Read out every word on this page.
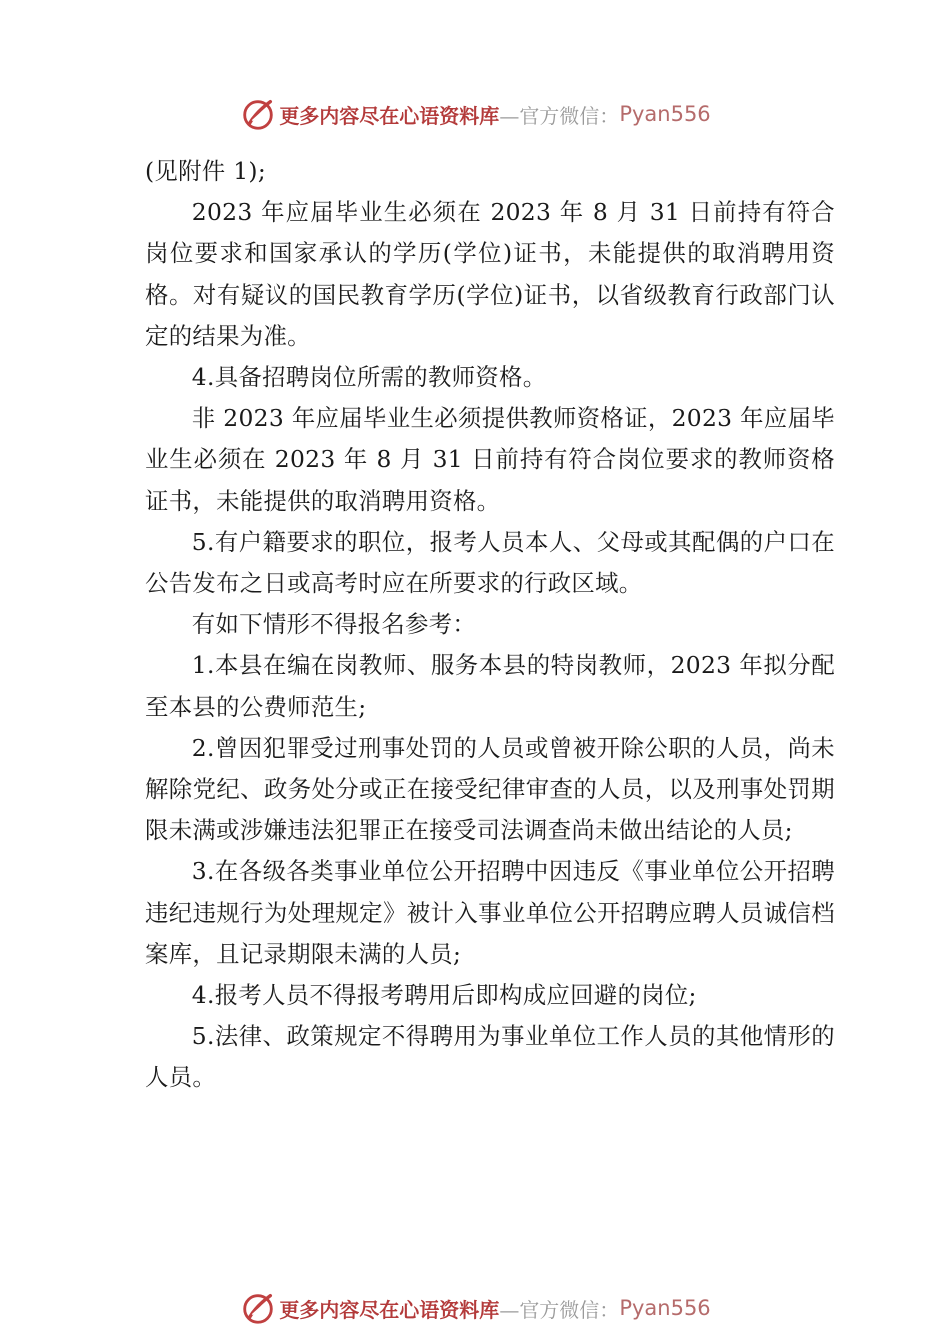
更多内容尽在心语资料库 —官方微信： Pyan556

(见附件 1);

2023 年应届毕业生必须在 2023 年 8 月 31 日前持有符合岗位要求和国家承认的学历(学位)证书，未能提供的取消聘用资格。对有疑议的国民教育学历(学位)证书，以省级教育行政部门认定的结果为准。

4.具备招聘岗位所需的教师资格。

非 2023 年应届毕业生必须提供教师资格证，2023 年应届毕业生必须在 2023 年 8 月 31 日前持有符合岗位要求的教师资格证书，未能提供的取消聘用资格。

5.有户籍要求的职位，报考人员本人、父母或其配偶的户口在公告发布之日或高考时应在所要求的行政区域。

有如下情形不得报名参考：

1.本县在编在岗教师、服务本县的特岗教师，2023 年拟分配至本县的公费师范生;

2.曾因犯罪受过刑事处罚的人员或曾被开除公职的人员，尚未解除党纪、政务处分或正在接受纪律审查的人员，以及刑事处罚期限未满或涉嫌违法犯罪正在接受司法调查尚未做出结论的人员;

3.在各级各类事业单位公开招聘中因违反《事业单位公开招聘违纪违规行为处理规定》被计入事业单位公开招聘应聘人员诚信档案库，且记录期限未满的人员;

4.报考人员不得报考聘用后即构成应回避的岗位;

5.法律、政策规定不得聘用为事业单位工作人员的其他情形的人员。

更多内容尽在心语资料库 —官方微信： Pyan556
